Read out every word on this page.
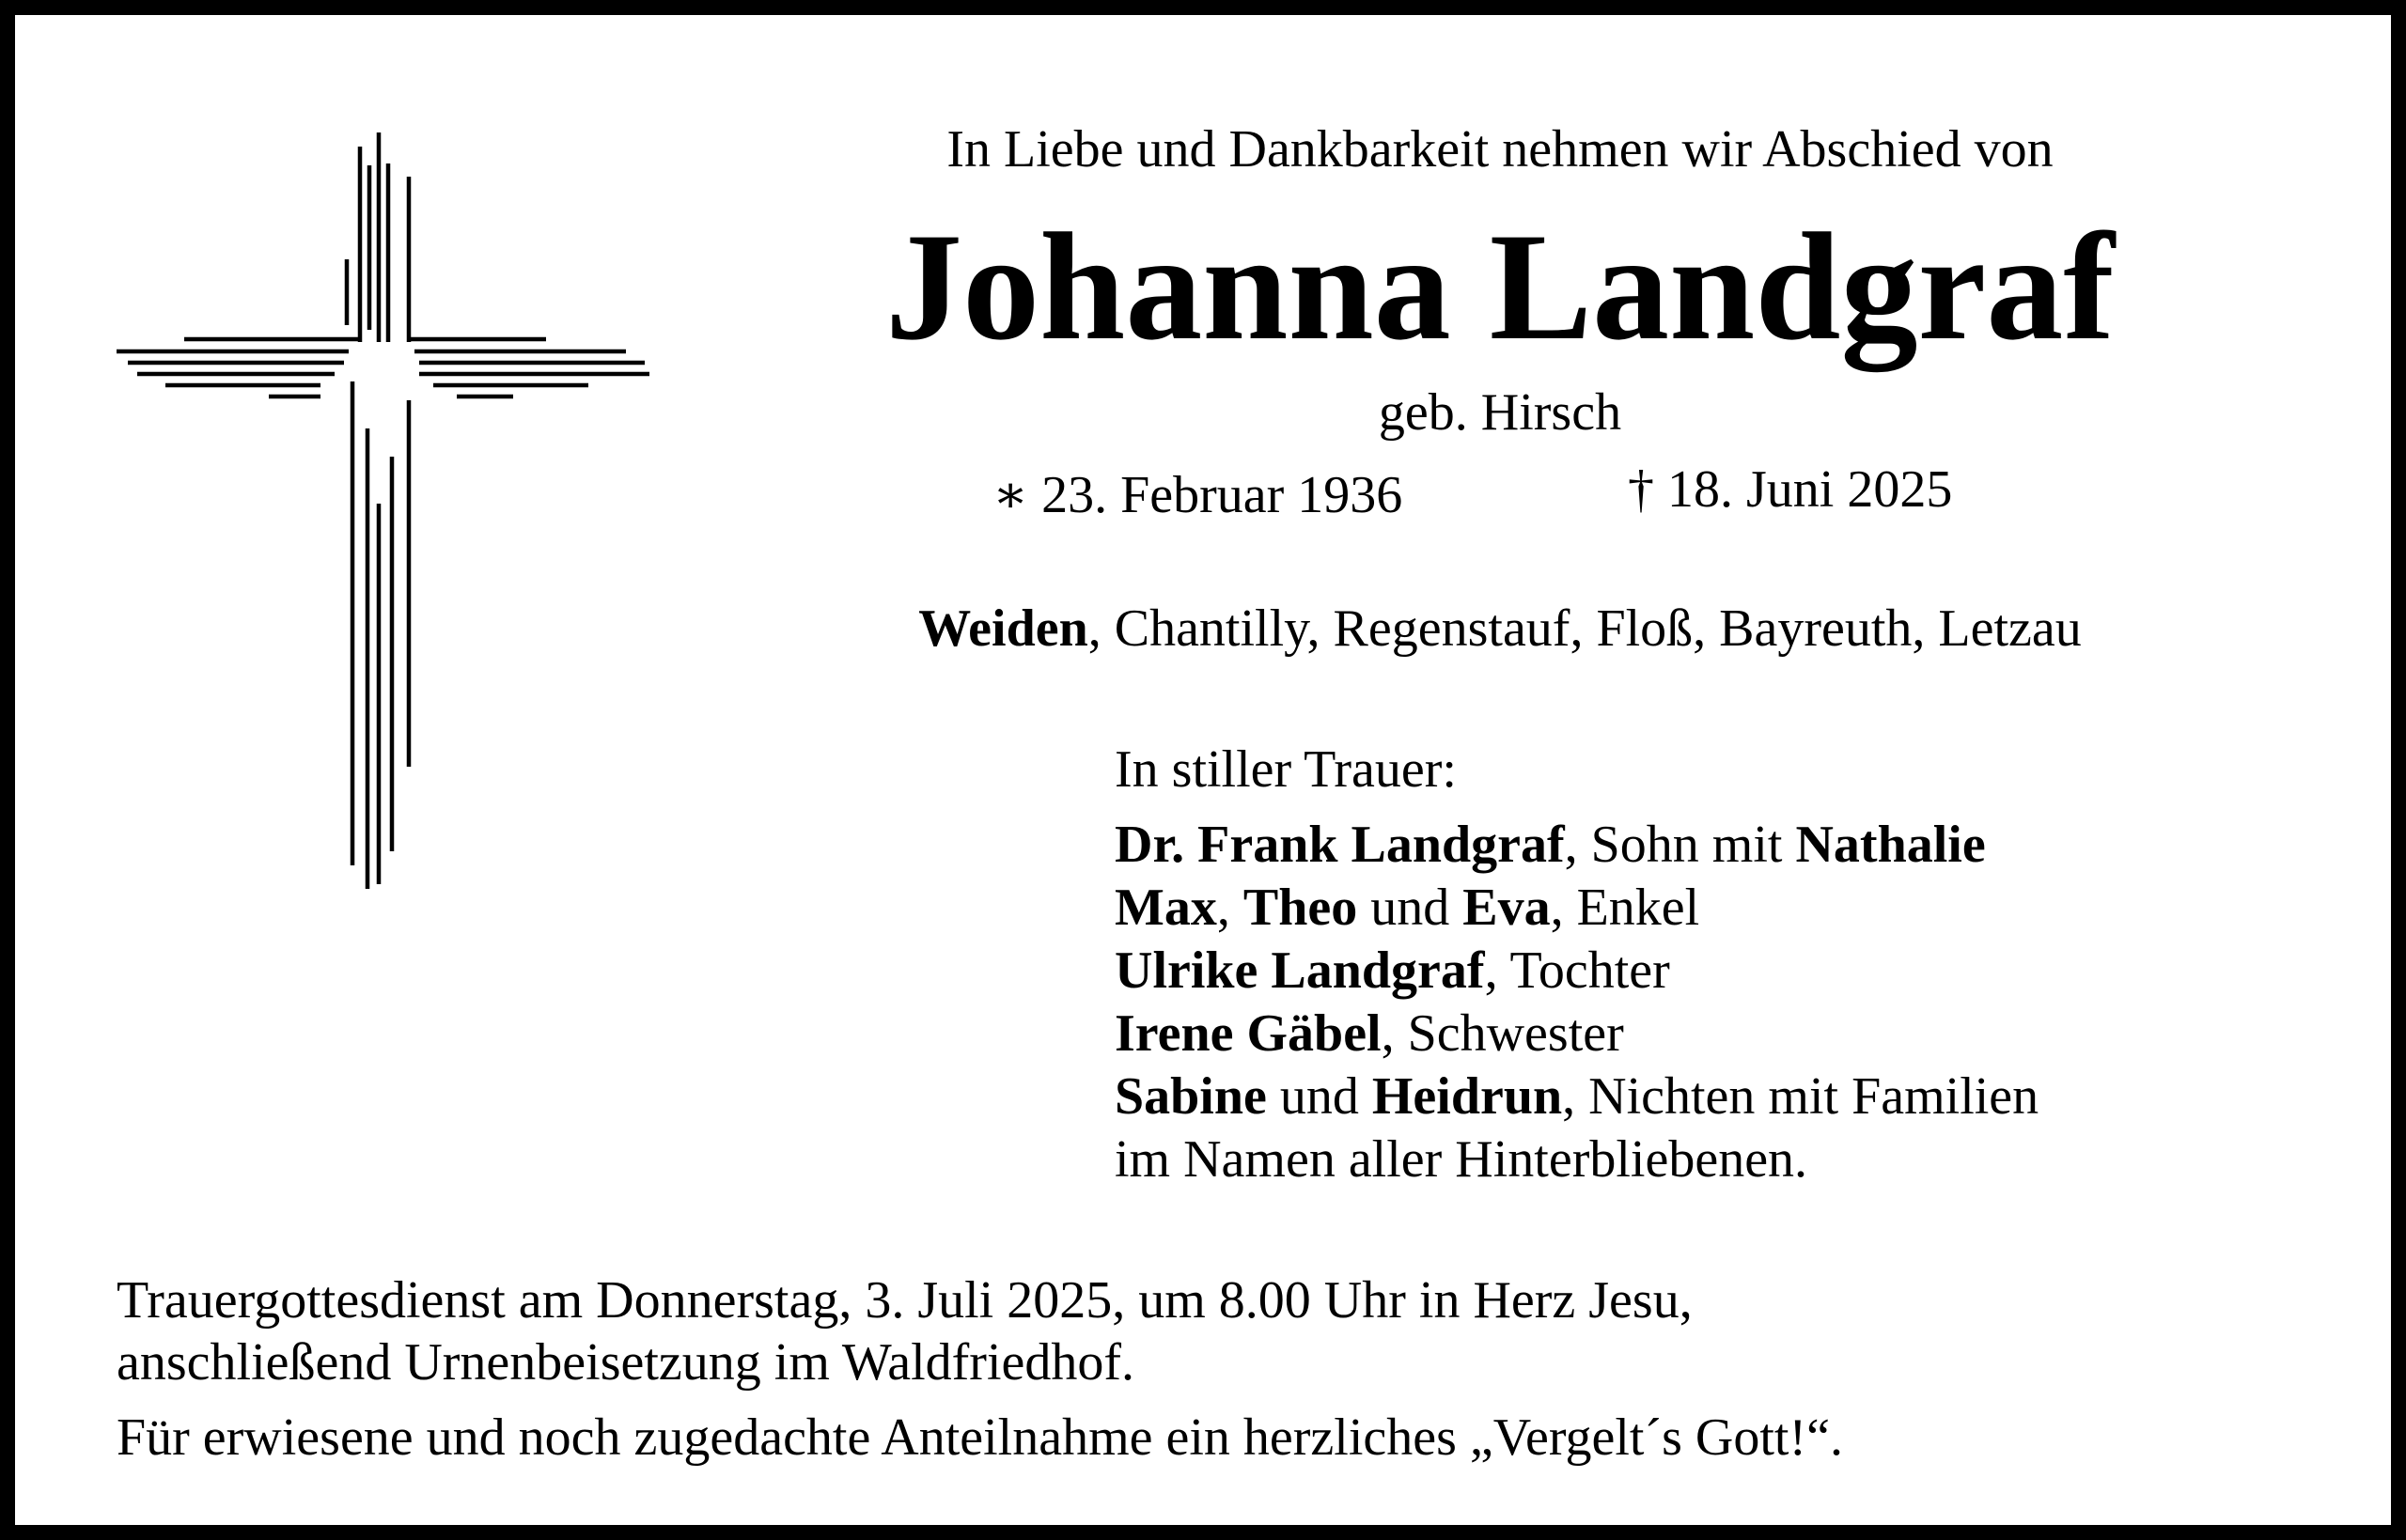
In Liebe und Dankbarkeit nehmen wir Abschied von
Johanna Landgraf
geb. Hirsch
∗ 23. Februar 1936	† 18. Juni 2025
Weiden, Chantilly, Regenstauf, Floß, Bayreuth, Letzau
In stiller Trauer:
Dr. Frank Landgraf, Sohn mit Nathalie
Max, Theo und Eva, Enkel
Ulrike Landgraf, Tochter
Irene Gäbel, Schwester
Sabine und Heidrun, Nichten mit Familien
im Namen aller Hinterbliebenen.
Trauergottesdienst am Donnerstag, 3. Juli 2025, um 8.00 Uhr in Herz Jesu,
anschließend Urnenbeisetzung im Waldfriedhof.
Für erwiesene und noch zugedachte Anteilnahme ein herzliches „Vergelt´s Gott!“.
